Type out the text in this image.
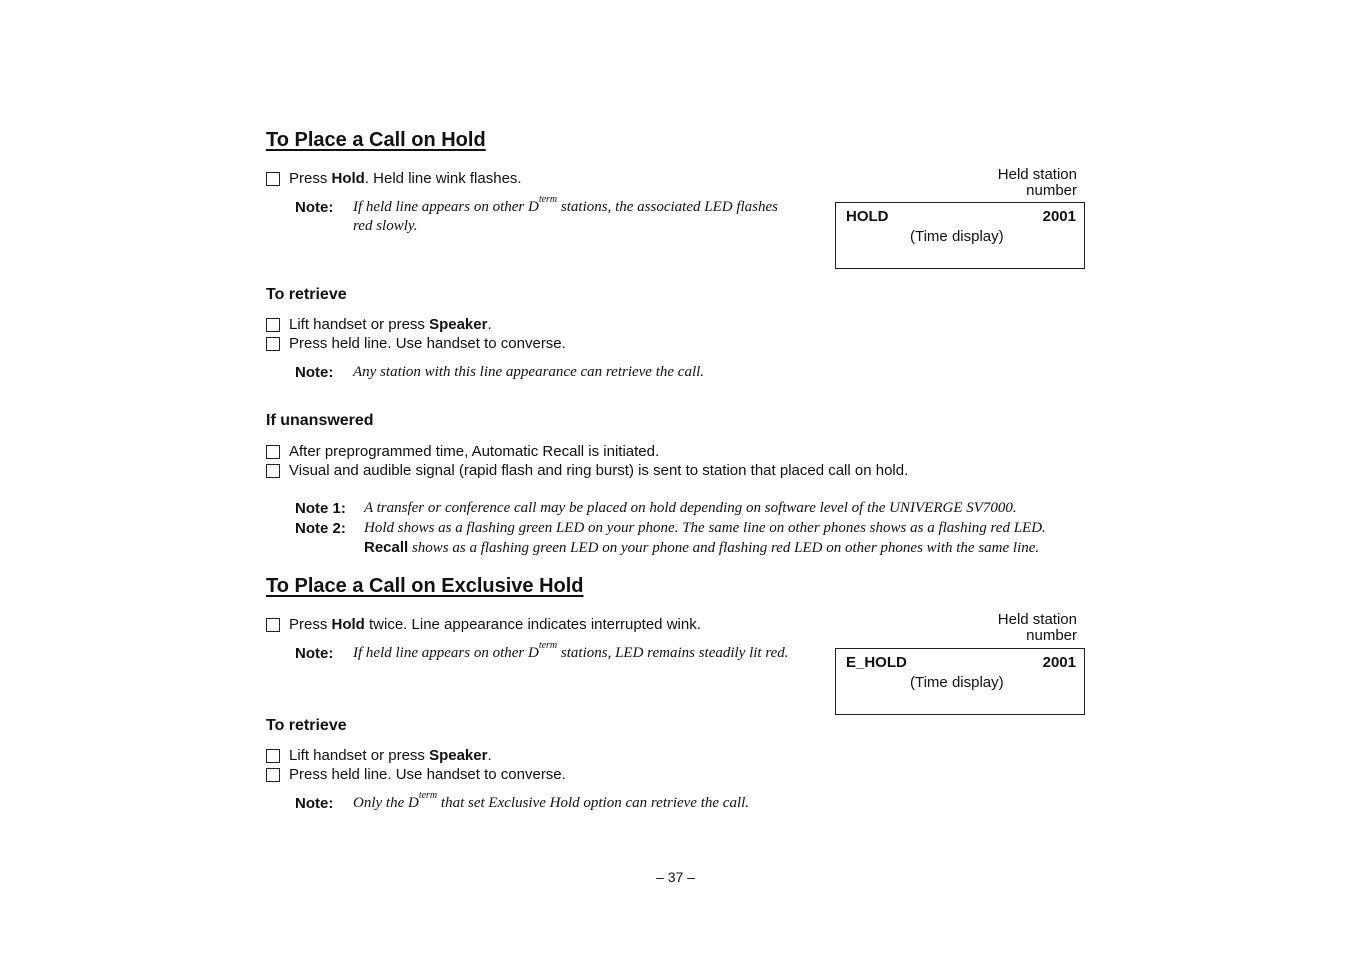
To Place a Call on Hold
Press Hold. Held line wink flashes.
Note: If held line appears on other $D^{term}$ stations, the associated LED flashes
red slowly.
Held station
number
HOLD	2001
(Time display)
To retrieve
Lift handset or press Speaker.
Press held line. Use handset to converse.
Note: Any station with this line appearance can retrieve the call.
If unanswered
After preprogrammed time, Automatic Recall is initiated.
Visual and audible signal (rapid flash and ring burst) is sent to station that placed call on hold.
Note 1: A transfer or conference call may be placed on hold depending on software level of the UNIVERGE SV7000.
Note 2: Hold shows as a flashing green LED on your phone. The same line on other phones shows as a flashing red LED.
Recall shows as a flashing green LED on your phone and flashing red LED on other phones with the same line.
To Place a Call on Exclusive Hold
Press Hold twice. Line appearance indicates interrupted wink.
Note: If held line appears on other $D^{term}$ stations, LED remains steadily lit red.
Held station
number
E_HOLD	2001
(Time display)
To retrieve
Lift handset or press Speaker.
Press held line. Use handset to converse.
Note: Only the $D^{term}$ that set Exclusive Hold option can retrieve the call.
– 37 –
